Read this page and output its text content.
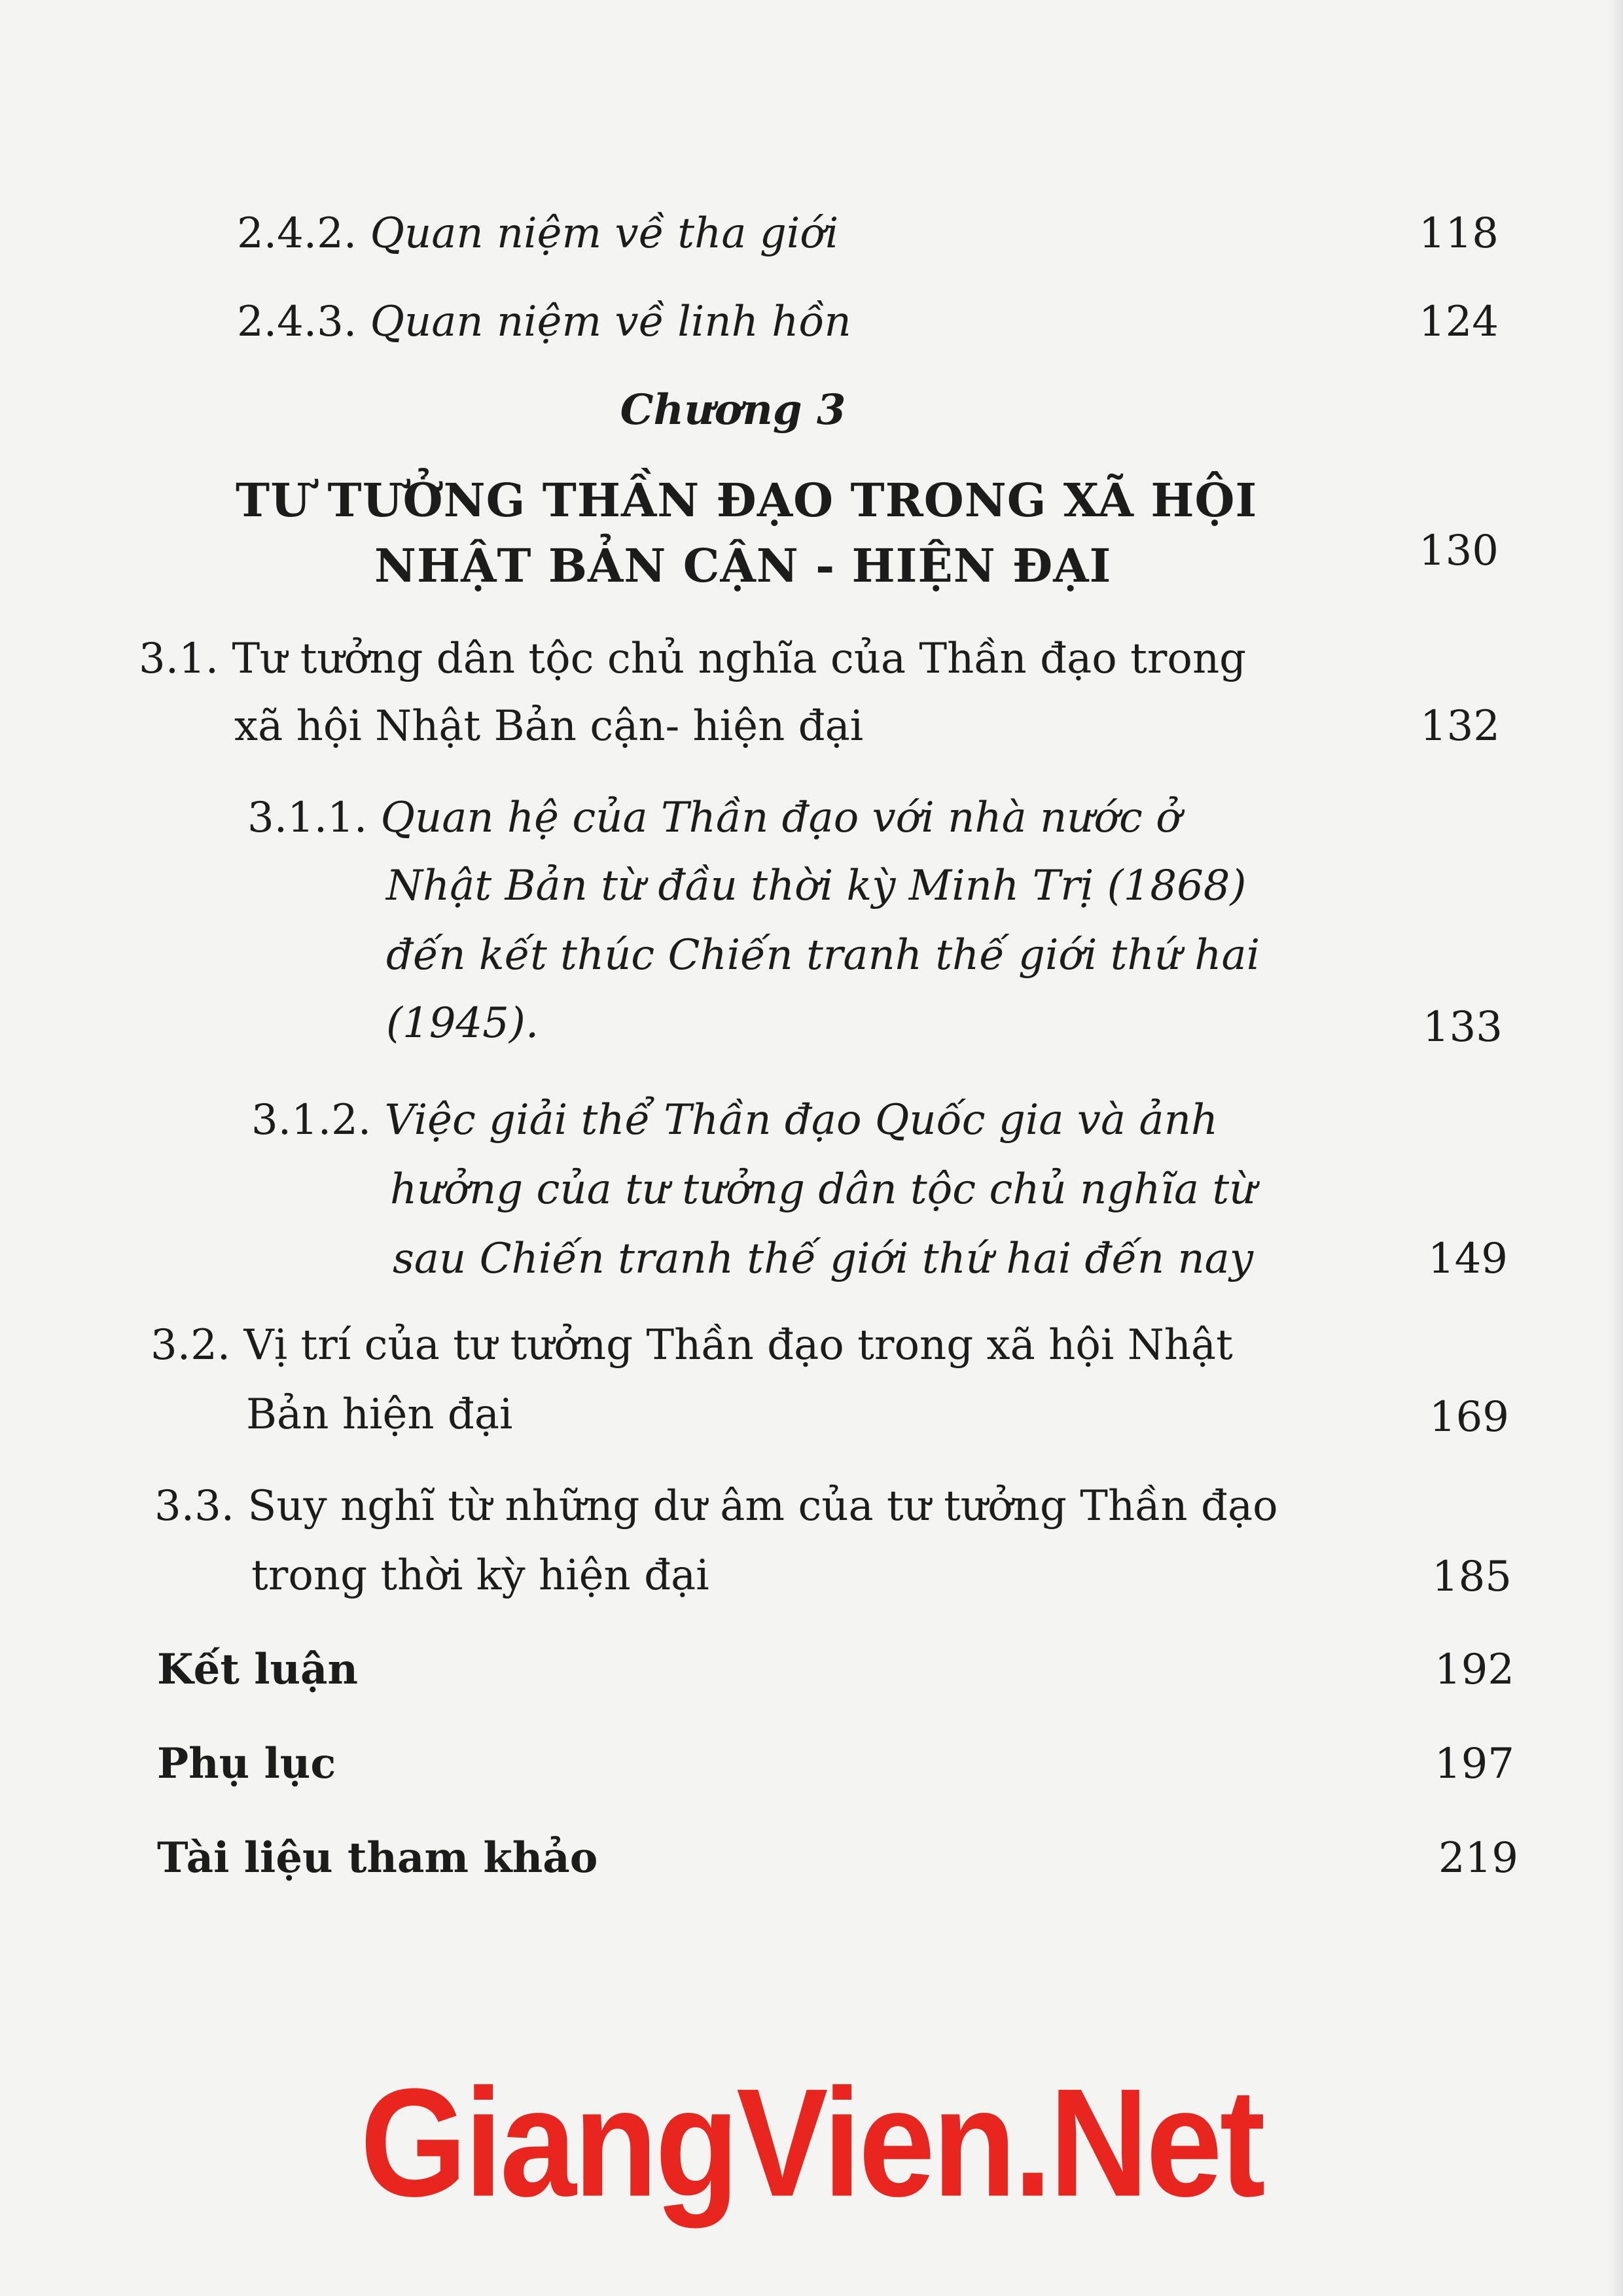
2.4.2. Quan niệm về tha giới	118
2.4.3. Quan niệm về linh hồn	124
Chương 3
TƯ TƯỞNG THẦN ĐẠO TRONG XÃ HỘI
NHẬT BẢN CẬN - HIỆN ĐẠI	130
3.1. Tư tưởng dân tộc chủ nghĩa của Thần đạo trong
xã hội Nhật Bản cận- hiện đại	132
3.1.1. Quan hệ của Thần đạo với nhà nước ở
Nhật Bản từ đầu thời kỳ Minh Trị (1868)
đến kết thúc Chiến tranh thế giới thứ hai
(1945).	133
3.1.2. Việc giải thể Thần đạo Quốc gia và ảnh
hưởng của tư tưởng dân tộc chủ nghĩa từ
sau Chiến tranh thế giới thứ hai đến nay	149
3.2. Vị trí của tư tưởng Thần đạo trong xã hội Nhật
Bản hiện đại	169
3.3. Suy nghĩ từ những dư âm của tư tưởng Thần đạo
trong thời kỳ hiện đại	185
Kết luận	192
Phụ lục	197
Tài liệu tham khảo	219
GiangVien.Net
